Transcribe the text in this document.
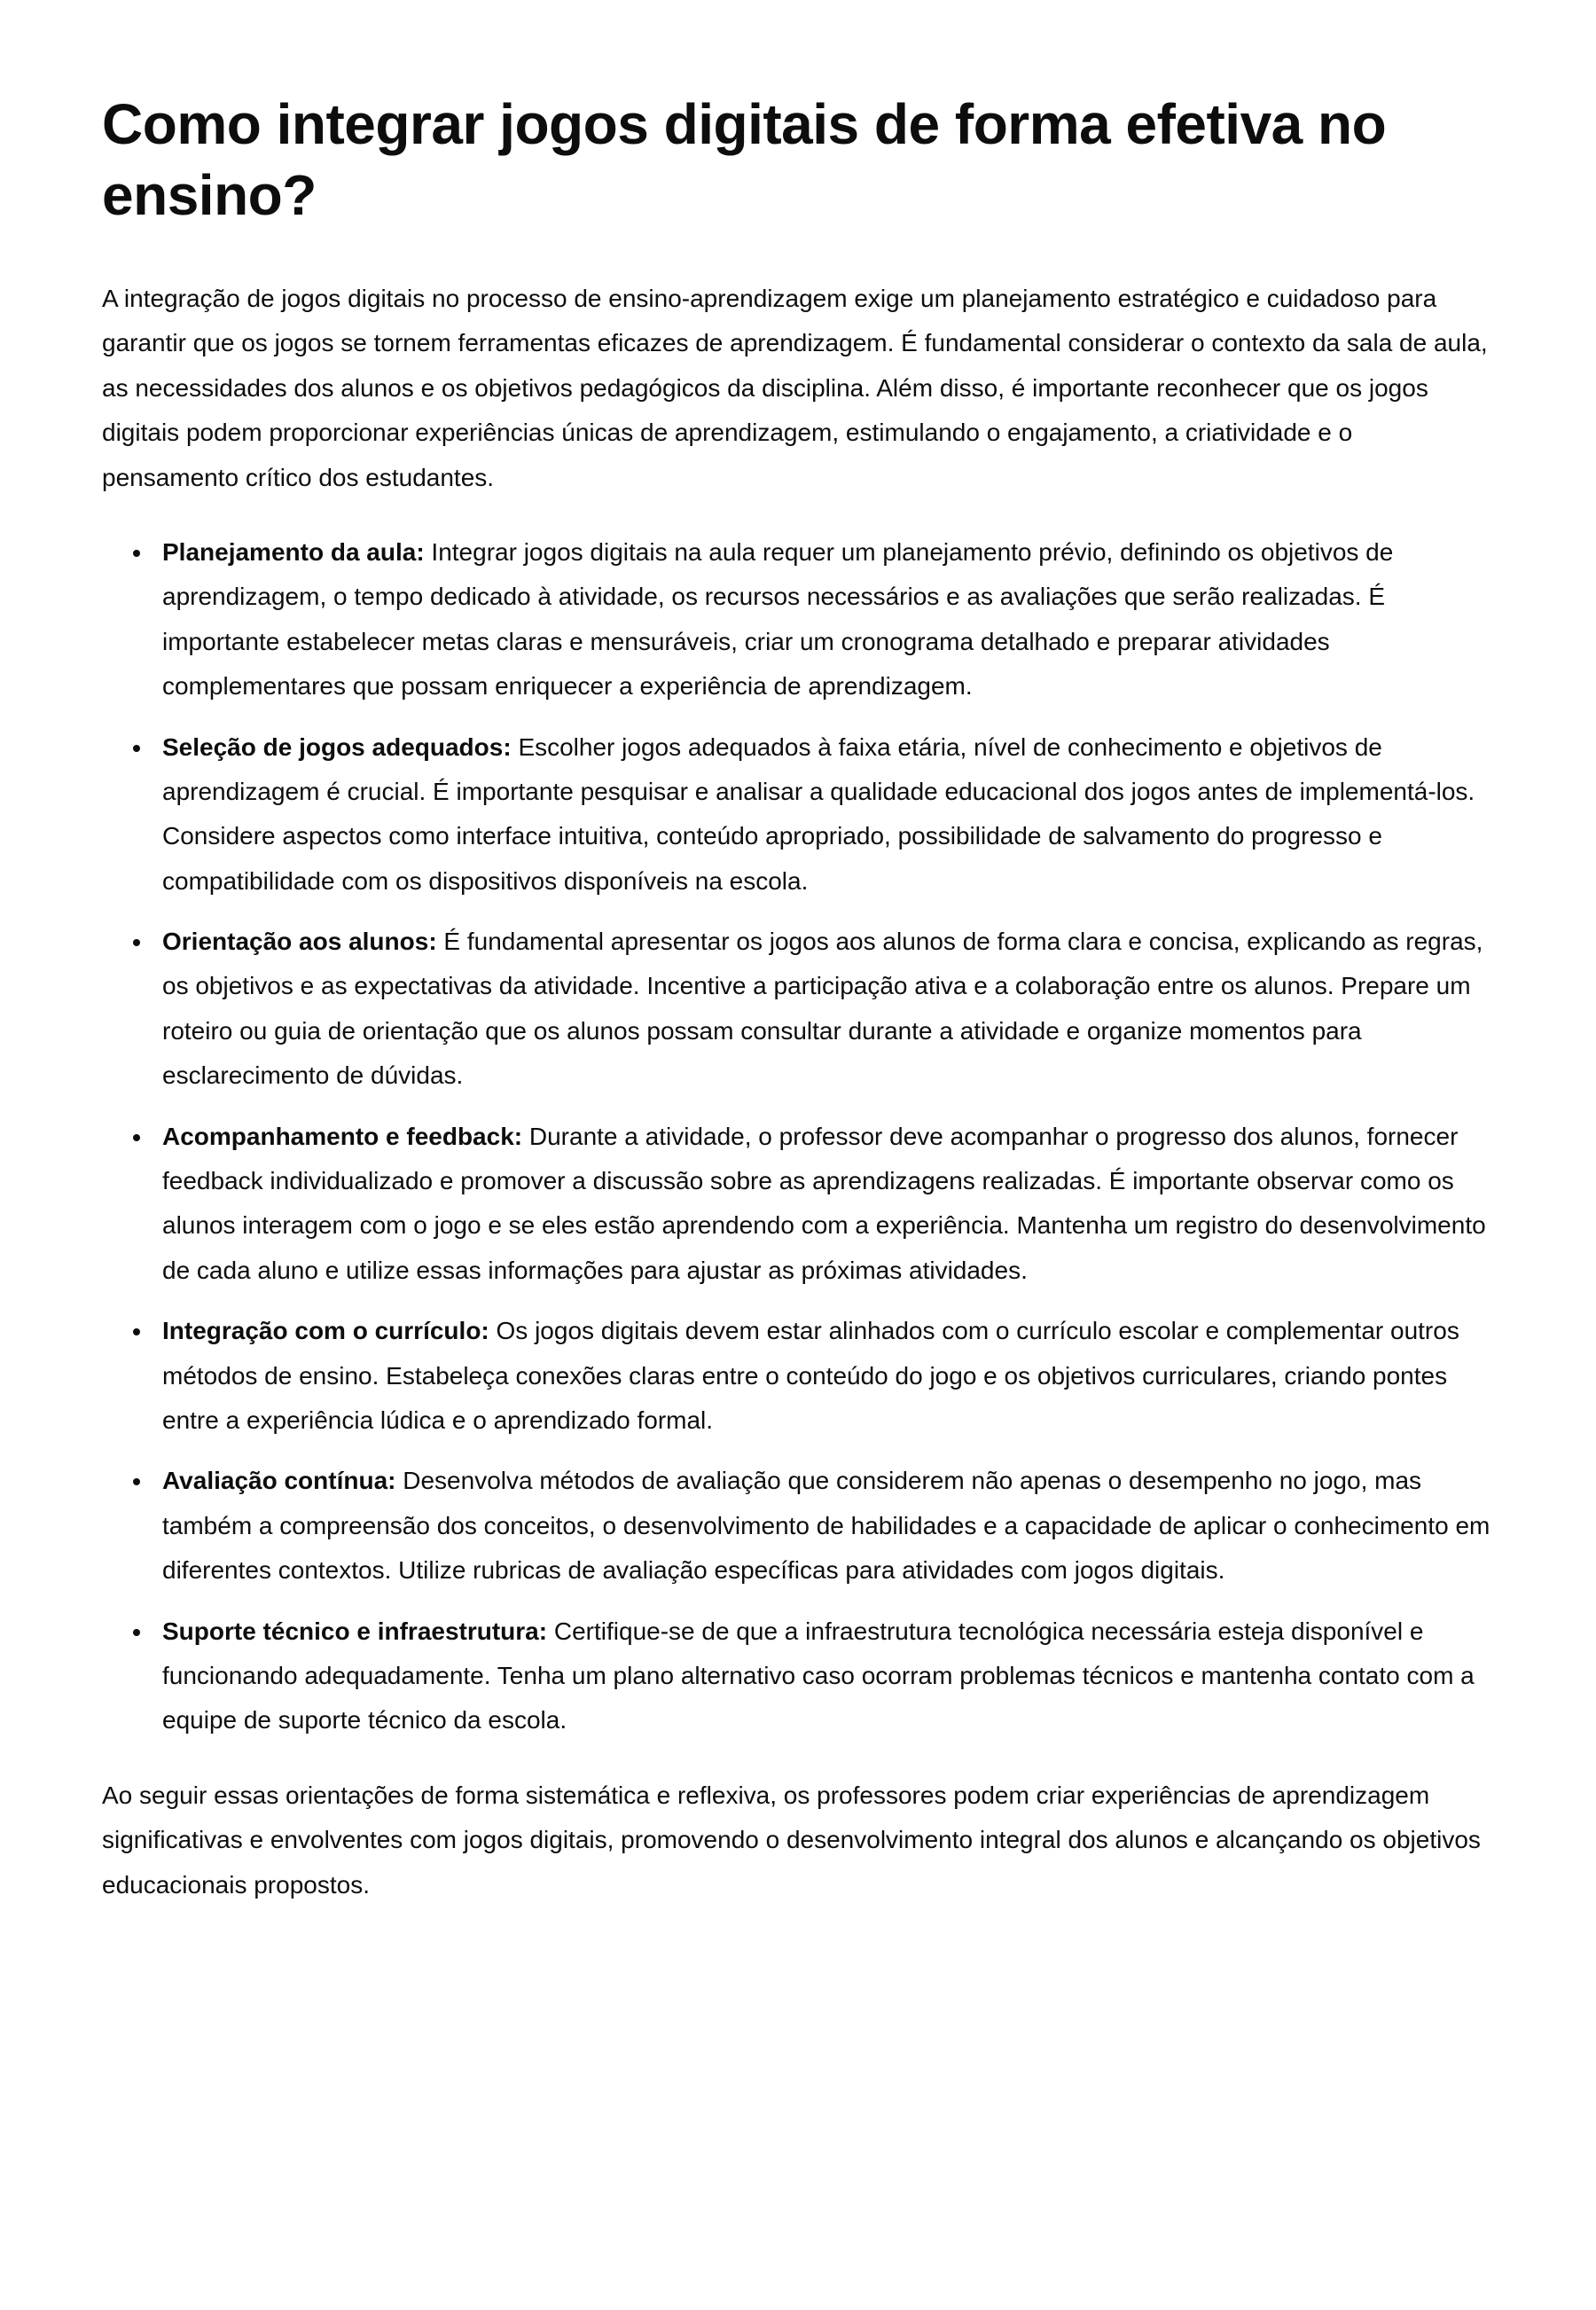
Como integrar jogos digitais de forma efetiva no ensino?

A integração de jogos digitais no processo de ensino-aprendizagem exige um planejamento estratégico e cuidadoso para garantir que os jogos se tornem ferramentas eficazes de aprendizagem. É fundamental considerar o contexto da sala de aula, as necessidades dos alunos e os objetivos pedagógicos da disciplina. Além disso, é importante reconhecer que os jogos digitais podem proporcionar experiências únicas de aprendizagem, estimulando o engajamento, a criatividade e o pensamento crítico dos estudantes.

• Planejamento da aula: Integrar jogos digitais na aula requer um planejamento prévio, definindo os objetivos de aprendizagem, o tempo dedicado à atividade, os recursos necessários e as avaliações que serão realizadas. É importante estabelecer metas claras e mensuráveis, criar um cronograma detalhado e preparar atividades complementares que possam enriquecer a experiência de aprendizagem.
• Seleção de jogos adequados: Escolher jogos adequados à faixa etária, nível de conhecimento e objetivos de aprendizagem é crucial. É importante pesquisar e analisar a qualidade educacional dos jogos antes de implementá-los. Considere aspectos como interface intuitiva, conteúdo apropriado, possibilidade de salvamento do progresso e compatibilidade com os dispositivos disponíveis na escola.
• Orientação aos alunos: É fundamental apresentar os jogos aos alunos de forma clara e concisa, explicando as regras, os objetivos e as expectativas da atividade. Incentive a participação ativa e a colaboração entre os alunos. Prepare um roteiro ou guia de orientação que os alunos possam consultar durante a atividade e organize momentos para esclarecimento de dúvidas.
• Acompanhamento e feedback: Durante a atividade, o professor deve acompanhar o progresso dos alunos, fornecer feedback individualizado e promover a discussão sobre as aprendizagens realizadas. É importante observar como os alunos interagem com o jogo e se eles estão aprendendo com a experiência. Mantenha um registro do desenvolvimento de cada aluno e utilize essas informações para ajustar as próximas atividades.
• Integração com o currículo: Os jogos digitais devem estar alinhados com o currículo escolar e complementar outros métodos de ensino. Estabeleça conexões claras entre o conteúdo do jogo e os objetivos curriculares, criando pontes entre a experiência lúdica e o aprendizado formal.
• Avaliação contínua: Desenvolva métodos de avaliação que considerem não apenas o desempenho no jogo, mas também a compreensão dos conceitos, o desenvolvimento de habilidades e a capacidade de aplicar o conhecimento em diferentes contextos. Utilize rubricas de avaliação específicas para atividades com jogos digitais.
• Suporte técnico e infraestrutura: Certifique-se de que a infraestrutura tecnológica necessária esteja disponível e funcionando adequadamente. Tenha um plano alternativo caso ocorram problemas técnicos e mantenha contato com a equipe de suporte técnico da escola.

Ao seguir essas orientações de forma sistemática e reflexiva, os professores podem criar experiências de aprendizagem significativas e envolventes com jogos digitais, promovendo o desenvolvimento integral dos alunos e alcançando os objetivos educacionais propostos.
